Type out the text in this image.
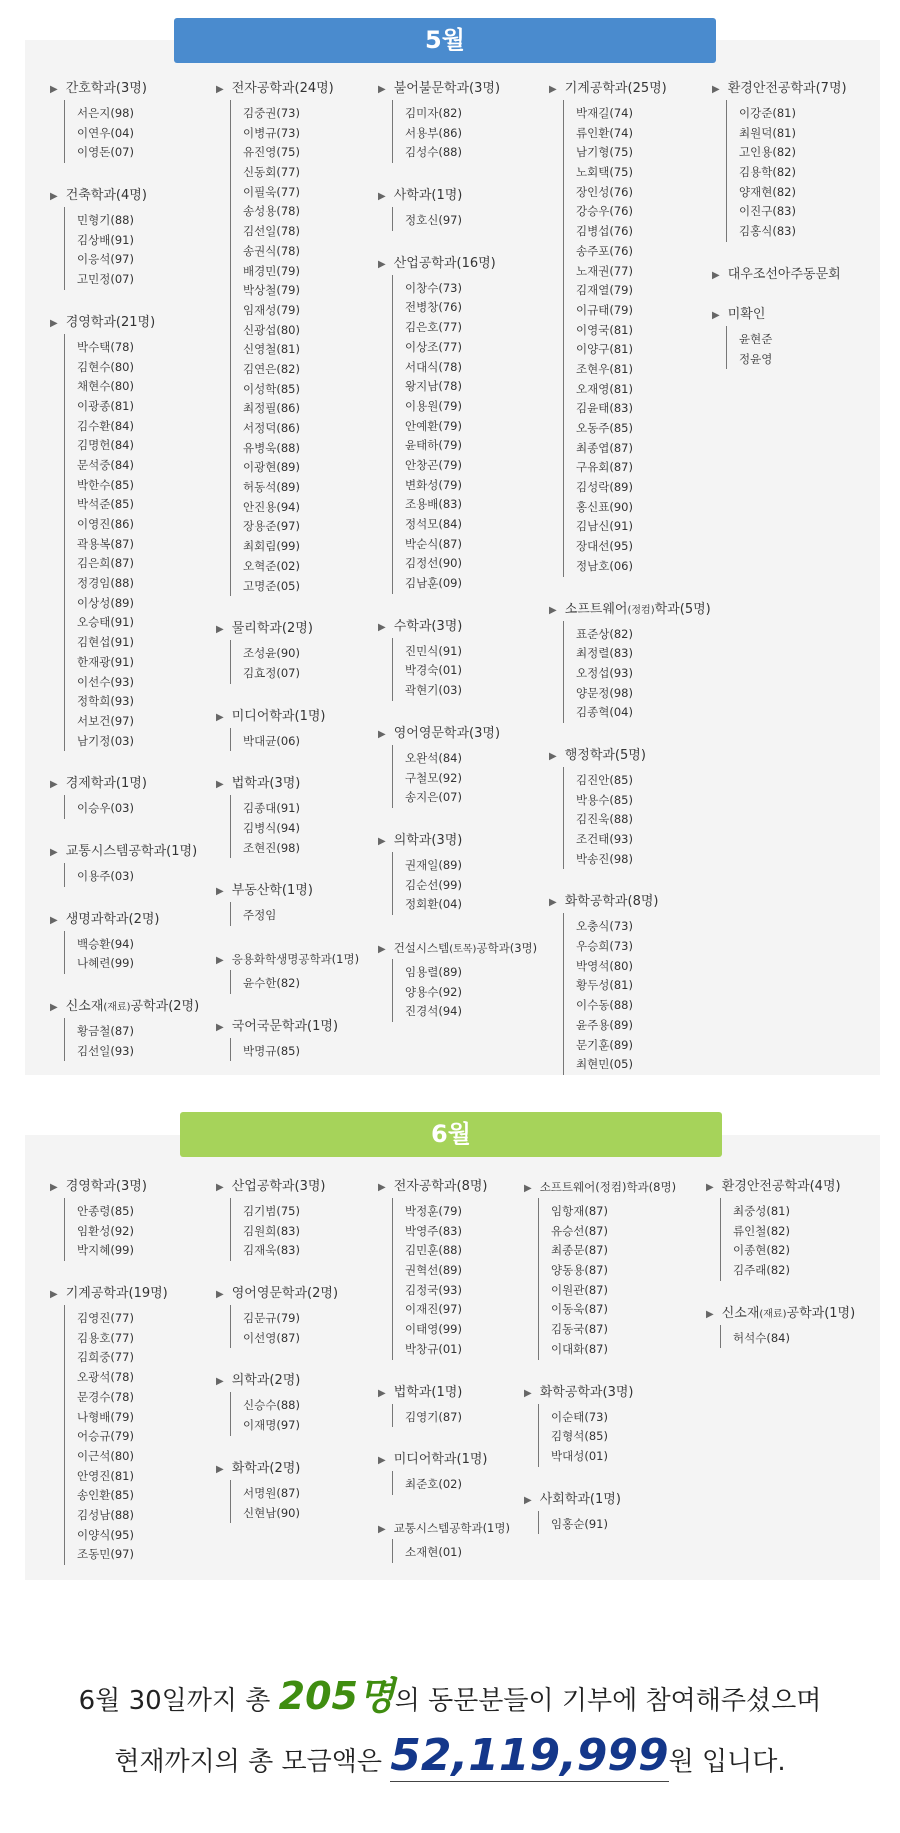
5월
▶ 간호학과(3명)
서은지(98)
이연우(04)
이영돈(07)
▶ 건축학과(4명)
민형기(88)
김상배(91)
이응석(97)
고민정(07)
▶ 경영학과(21명)
박수택(78)
김현수(80)
채현수(80)
이광종(81)
김수환(84)
김명헌(84)
문석중(84)
박한수(85)
박석준(85)
이영진(86)
곽용복(87)
김은희(87)
정경임(88)
이상성(89)
오승태(91)
김현섭(91)
한재광(91)
이선수(93)
정학희(93)
서보건(97)
남기정(03)
▶ 경제학과(1명)
이승우(03)
▶ 교통시스템공학과(1명)
이용주(03)
▶ 생명과학과(2명)
백승환(94)
나혜련(99)
▶ 신소재(재료)공학과(2명)
황금철(87)
김선일(93)
▶ 전자공학과(24명)
김중권(73)
이병규(73)
유진영(75)
신동회(77)
이필욱(77)
송성용(78)
김선일(78)
송권식(78)
배경민(79)
박상철(79)
임재성(79)
신광섭(80)
신영철(81)
김연은(82)
이성학(85)
최정필(86)
서정덕(86)
유병욱(88)
이광현(89)
허동석(89)
안진용(94)
장용준(97)
최회림(99)
오혁준(02)
고명준(05)
▶ 물리학과(2명)
조성윤(90)
김효정(07)
▶ 미디어학과(1명)
박대균(06)
▶ 법학과(3명)
김종대(91)
김병식(94)
조현진(98)
▶ 부동산학(1명)
주정임
▶ 응용화학생명공학과(1명)
윤수한(82)
▶ 국어국문학과(1명)
박명규(85)
▶ 불어불문학과(3명)
김미자(82)
서용부(86)
김성수(88)
▶ 사학과(1명)
정호신(97)
▶ 산업공학과(16명)
이창수(73)
전병창(76)
김은호(77)
이상조(77)
서대식(78)
왕지남(78)
이용원(79)
안예환(79)
윤태하(79)
안창곤(79)
변화성(79)
조용배(83)
정석모(84)
박순식(87)
김정선(90)
김남훈(09)
▶ 수학과(3명)
진민식(91)
박경숙(01)
곽현기(03)
▶ 영어영문학과(3명)
오완석(84)
구철모(92)
송지은(07)
▶ 의학과(3명)
권재일(89)
김순선(99)
정회환(04)
▶ 건설시스템(토목)공학과(3명)
임용렬(89)
양용수(92)
진경석(94)
▶ 기계공학과(25명)
박재길(74)
류인환(74)
남기형(75)
노회택(75)
장인성(76)
강승우(76)
김병섭(76)
송주포(76)
노재권(77)
김재열(79)
이규태(79)
이영국(81)
이양구(81)
조현우(81)
오재영(81)
김윤태(83)
오동주(85)
최종엽(87)
구유회(87)
김성락(89)
홍신표(90)
김남신(91)
장대선(95)
정남호(06)
▶ 소프트웨어(정컴)학과(5명)
표준상(82)
최정렬(83)
오정섭(93)
양문정(98)
김종혁(04)
▶ 행정학과(5명)
김진안(85)
박용수(85)
김진욱(88)
조건태(93)
박송진(98)
▶ 화학공학과(8명)
오충식(73)
우승희(73)
박영석(80)
황두성(81)
이수동(88)
윤주용(89)
문기훈(89)
최현민(05)
▶ 환경안전공학과(7명)
이강준(81)
최원덕(81)
고인용(82)
김용학(82)
양재현(82)
이진구(83)
김홍식(83)
▶ 대우조선아주동문회
▶ 미확인
윤현준
정윤영
6월
▶ 경영학과(3명)
안종령(85)
임환성(92)
박지혜(99)
▶ 기계공학과(19명)
김영진(77)
김용호(77)
김희중(77)
오광석(78)
문경수(78)
나형배(79)
어승규(79)
이근석(80)
안영진(81)
송인환(85)
김성남(88)
이양식(95)
조동민(97)
▶ 산업공학과(3명)
김기범(75)
김원희(83)
김재욱(83)
▶ 영어영문학과(2명)
김문규(79)
이선영(87)
▶ 의학과(2명)
신승수(88)
이재명(97)
▶ 화학과(2명)
서명원(87)
신현남(90)
▶ 전자공학과(8명)
박정훈(79)
박영주(83)
김민훈(88)
권혁선(89)
김정국(93)
이재진(97)
이태영(99)
박창규(01)
▶ 법학과(1명)
김영기(87)
▶ 미디어학과(1명)
최준호(02)
▶ 교통시스템공학과(1명)
소재현(01)
▶ 소프트웨어(정컴)학과(8명)
임항재(87)
유승선(87)
최종문(87)
양동용(87)
이원관(87)
이동욱(87)
김동국(87)
이대화(87)
▶ 화학공학과(3명)
이순태(73)
김형석(85)
박대성(01)
▶ 사회학과(1명)
임홍순(91)
▶ 환경안전공학과(4명)
최중성(81)
류인철(82)
이종현(82)
김주래(82)
▶ 신소재(재료)공학과(1명)
허석수(84)
6월 30일까지 총 205명의 동문분들이 기부에 참여해주셨으며
현재까지의 총 모금액은 52,119,999원 입니다.
